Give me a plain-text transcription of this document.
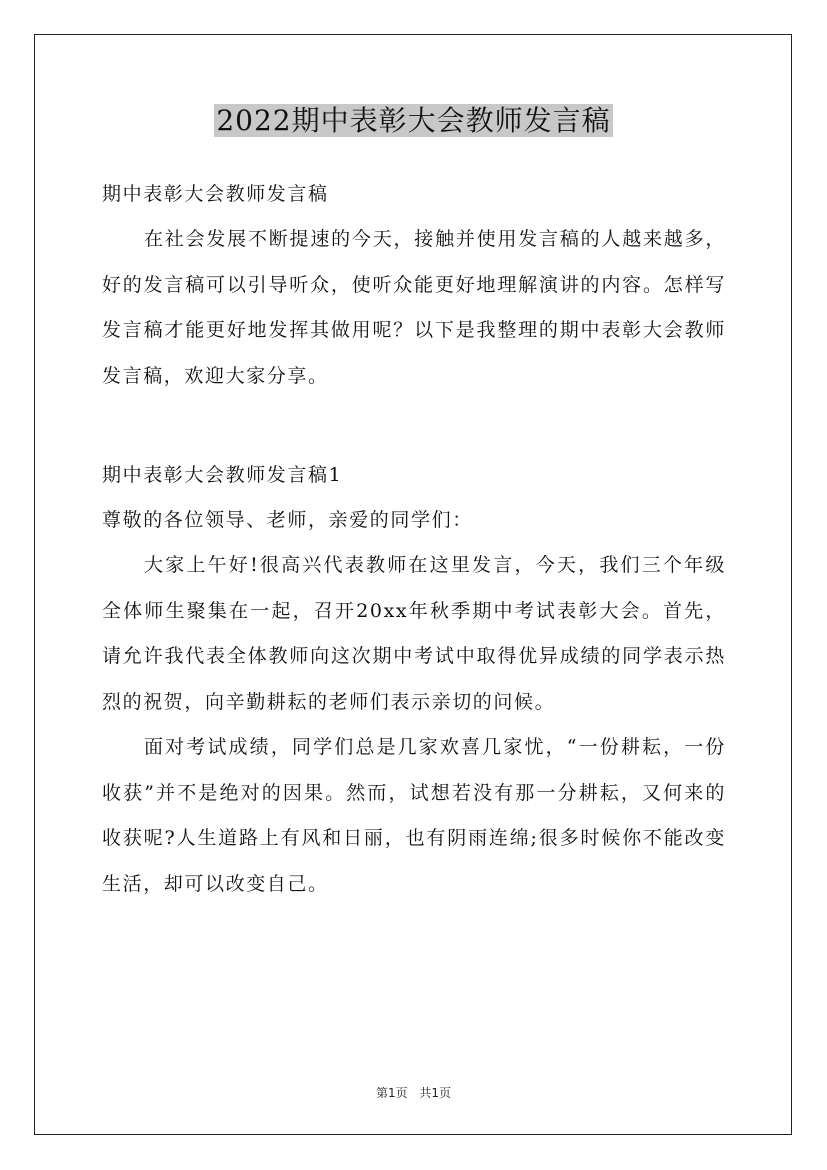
2022期中表彰大会教师发言稿
期中表彰大会教师发言稿

在社会发展不断提速的今天，接触并使用发言稿的人越来越多，好的发言稿可以引导听众，使听众能更好地理解演讲的内容。怎样写发言稿才能更好地发挥其做用呢？以下是我整理的期中表彰大会教师发言稿，欢迎大家分享。

期中表彰大会教师发言稿1
尊敬的各位领导、老师，亲爱的同学们：

大家上午好!很高兴代表教师在这里发言，今天，我们三个年级全体师生聚集在一起，召开20xx年秋季期中考试表彰大会。首先，请允许我代表全体教师向这次期中考试中取得优异成绩的同学表示热烈的祝贺，向辛勤耕耘的老师们表示亲切的问候。

面对考试成绩，同学们总是几家欢喜几家忧，“一份耕耘，一份收获”并不是绝对的因果。然而，试想若没有那一分耕耘，又何来的收获呢?人生道路上有风和日丽，也有阴雨连绵;很多时候你不能改变生活，却可以改变自己。

第1页 共1页
